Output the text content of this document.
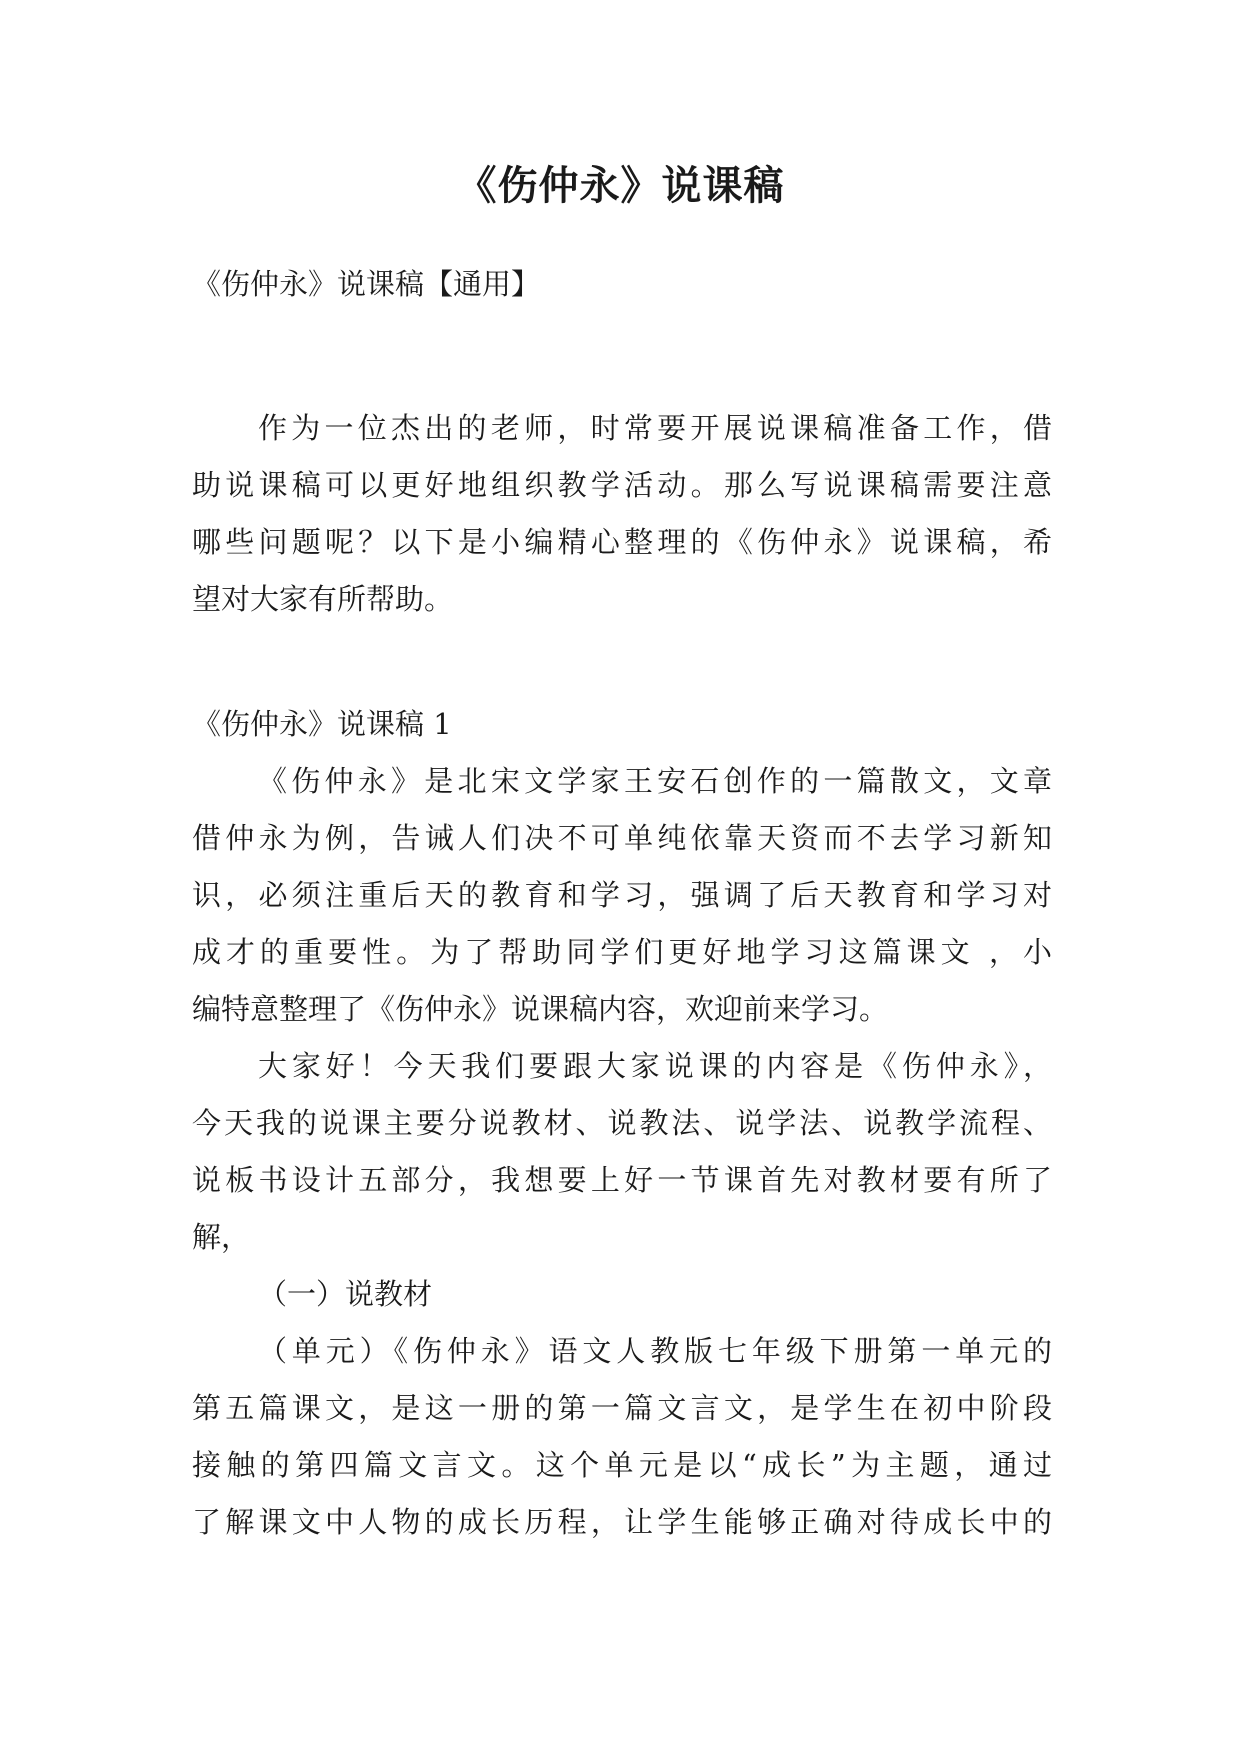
《伤仲永》说课稿

《伤仲永》说课稿【通用】

作为一位杰出的老师，时常要开展说课稿准备工作，借

助说课稿可以更好地组织教学活动。那么写说课稿需要注意

哪些问题呢？以下是小编精心整理的《伤仲永》说课稿，希

望对大家有所帮助。

《伤仲永》说课稿 1

《伤仲永》是北宋文学家王安石创作的一篇散文，文章

借仲永为例，告诫人们决不可单纯依靠天资而不去学习新知

识，必须注重后天的教育和学习，强调了后天教育和学习对

成才的重要性。为了帮助同学们更好地学习这篇课文 ，小

编特意整理了《伤仲永》说课稿内容，欢迎前来学习。

大家好！今天我们要跟大家说课的内容是《伤仲永》，

今天我的说课主要分说教材、说教法、说学法、说教学流程、

说板书设计五部分，我想要上好一节课首先对教材要有所了

解，

（一）说教材

（单元）《伤仲永》语文人教版七年级下册第一单元的

第五篇课文，是这一册的第一篇文言文，是学生在初中阶段

接触的第四篇文言文。这个单元是以“成长”为主题，通过

了解课文中人物的成长历程，让学生能够正确对待成长中的
